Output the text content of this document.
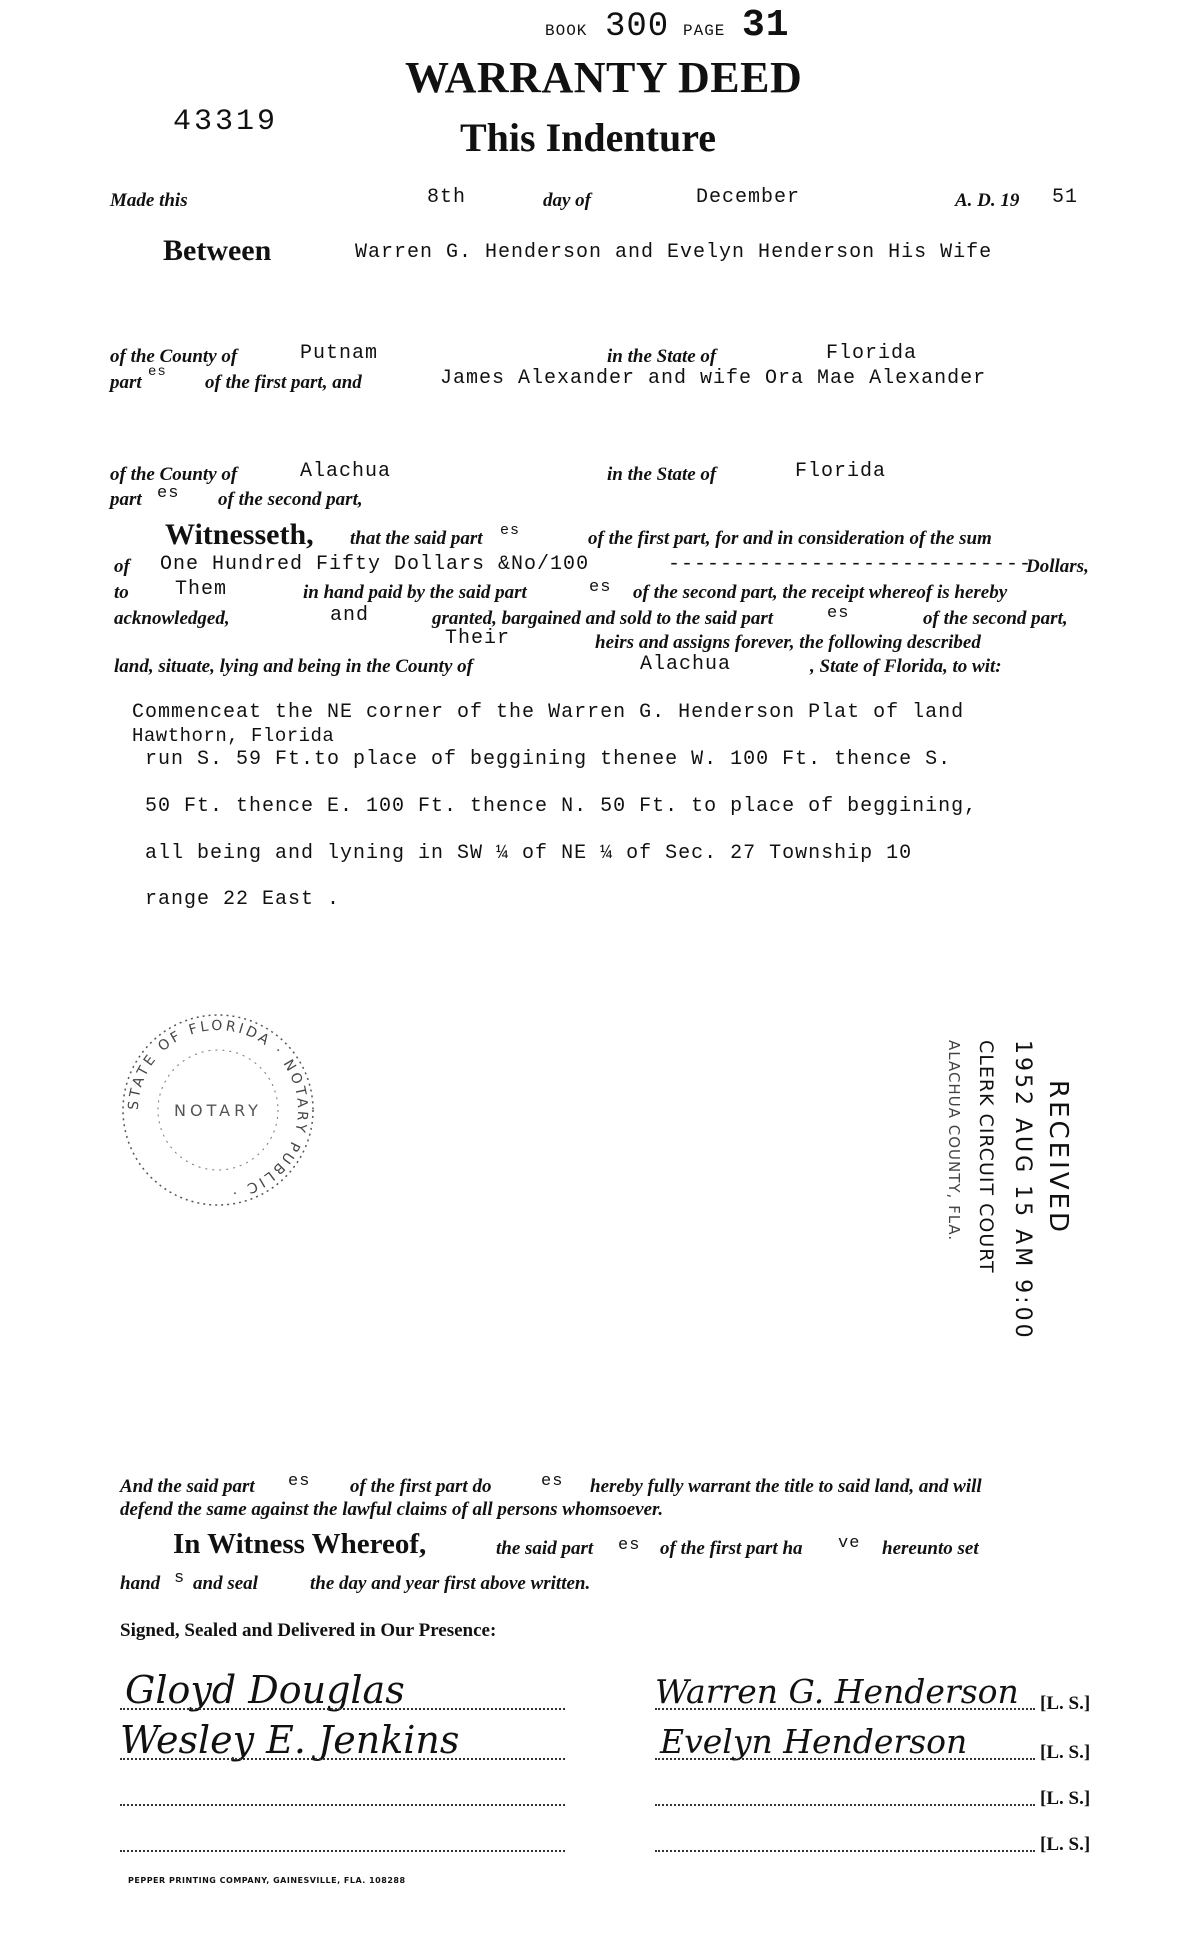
BOOK 300 PAGE 31
WARRANTY DEED
This Indenture
43319
Made this	8th	day of	December	A. D. 19 51
Between	Warren G. Henderson and Evelyn Henderson His Wife
of the County of	Putnam	in the State of	Florida
part es of the first part, and	James Alexander and wife Ora Mae Alexander
of the County of	Alachua	in the State of	Florida
part es of the second part,
Witnesseth, that the said part es	of the first part, for and in consideration of the sum
of One Hundred Fifty Dollars &No/100	----------------------------
Dollars,
to Them	in hand paid by the said part	es of the second part, the receipt whereof is hereby
acknowledged,	and	granted, bargained and sold to the said part	es	of the second part,
Their	heirs and assigns forever, the following described
land, situate, lying and being in the County of	Alachua	, State of Florida, to wit:
Commenceat the NE corner of the Warren G. Henderson Plat of land
Hawthorn, Florida
run S. 59 Ft.to place of beggining thenee W. 100 Ft. thence S.
50 Ft. thence E. 100 Ft. thence N. 50 Ft. to place of beggining,
all being and lyning in SW ¼ of NE ¼ of Sec. 27 Township 10
range 22 East .
STATE OF FLORIDA · NOTARY PUBLIC ·
NOTARY	RECEIVED
1952 AUG 15 AM 9:00
CLERK CIRCUIT COURT
ALACHUA COUNTY, FLA.
And the said part es of the first part do	es hereby fully warrant the title to said land, and will
defend the same against the lawful claims of all persons whomsoever.
In Witness Whereof,	the said part es of the first part ha ve hereunto set
hand s and seal	the day and year first above written.
Signed, Sealed and Delivered in Our Presence:
Gloyd Douglas
Wesley E. Jenkins
Warren G. Henderson [L. S.]
Evelyn Henderson	[L. S.]
[L. S.]
[L. S.]
PEPPER PRINTING COMPANY, GAINESVILLE, FLA. 108288
